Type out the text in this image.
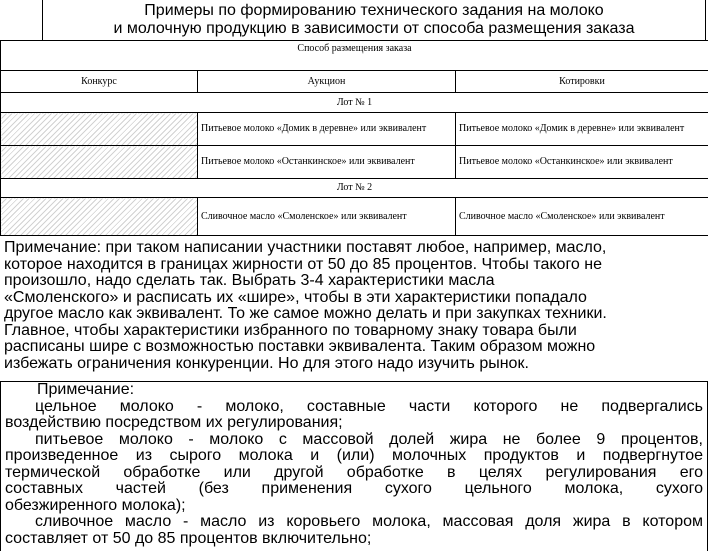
Примеры по формированию технического задания на молоко
и молочную продукцию в зависимости от способа размещения заказа
Способ размещения заказа		
Конкурс	Аукцион	Котировки
Лот № 1		
	Питьевое молоко «Домик в деревне» или эквивалент	Питьевое молоко «Домик в деревне» или эквивалент
	Питьевое молоко «Останкинское» или эквивалент	Питьевое молоко «Останкинское» или эквивалент
Лот № 2		
	Сливочное масло «Смоленское» или эквивалент	Сливочное масло «Смоленское» или эквивалент
Примечание: при таком написании участники поставят любое, например, масло,
которое находится в границах жирности от 50 до 85 процентов. Чтобы такого не
произошло, надо сделать так. Выбрать 3-4 характеристики масла
«Смоленского» и расписать их «шире», чтобы в эти характеристики попадало
другое масло как эквивалент. То же самое можно делать и при закупках техники.
Главное, чтобы характеристики избранного по товарному знаку товара были
расписаны шире с возможностью поставки эквивалента. Таким образом можно
избежать ограничения конкуренции. Но для этого надо изучить рынок.
Примечание:
цельное молоко - молоко, составные части которого не подвергались
воздействию посредством их регулирования;
питьевое молоко - молоко с массовой долей жира не более 9 процентов,
произведенное из сырого молока и (или) молочных продуктов и подвергнутое
термической обработке или другой обработке в целях регулирования его
составных частей (без применения сухого цельного молока, сухого
обезжиренного молока);
сливочное масло - масло из коровьего молока, массовая доля жира в котором
составляет от 50 до 85 процентов включительно;
